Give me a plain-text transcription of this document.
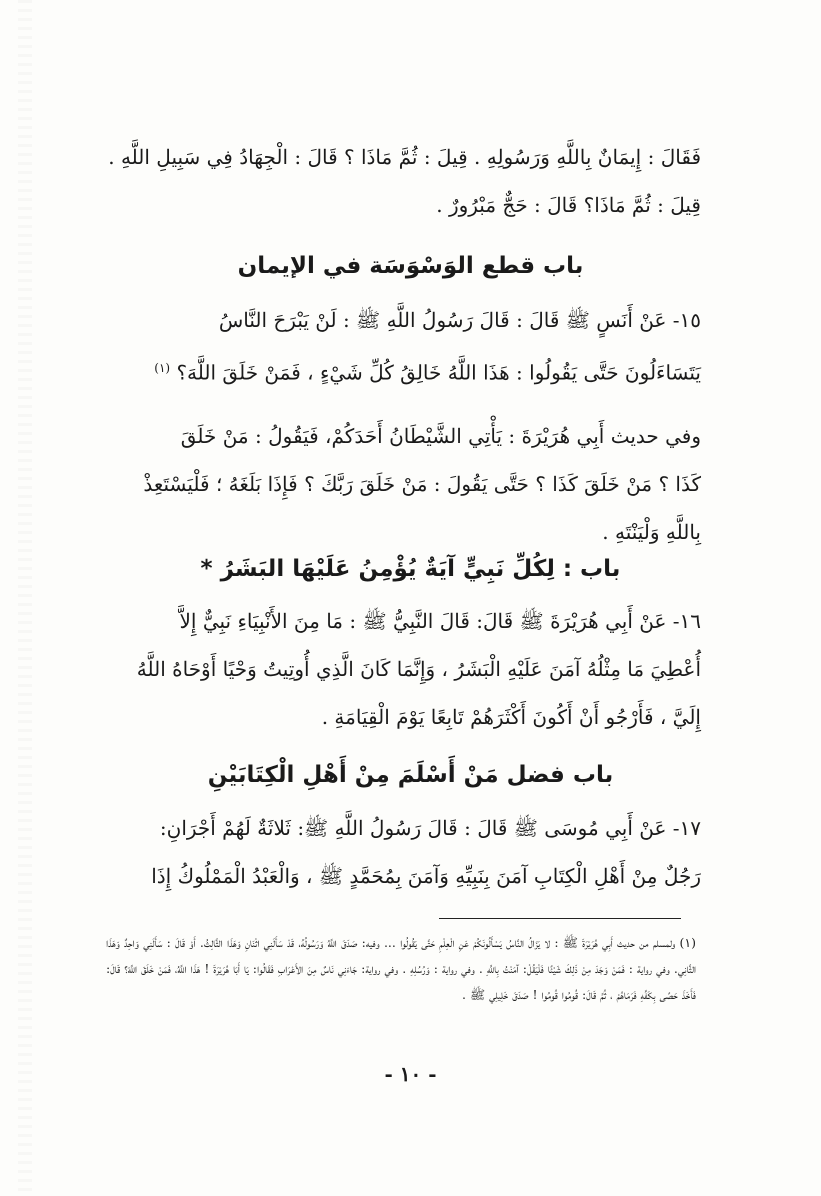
فَقَالَ : إِيمَانٌ بِاللَّهِ وَرَسُولِهِ . قِيلَ : ثُمَّ مَاذَا ؟ قَالَ : الْجِهَادُ فِي سَبِيلِ اللَّهِ .
قِيلَ : ثُمَّ مَاذَا؟ قَالَ : حَجٌّ مَبْرُورٌ .
باب قطع الوَسْوَسَة في الإيمان
١٥- عَنْ أَنَسٍ ﷺ قَالَ : قَالَ رَسُولُ اللَّهِ ﷺ : لَنْ يَبْرَحَ النَّاسُ
يَتَسَاءَلُونَ حَتَّى يَقُولُوا : هَذَا اللَّهُ خَالِقُ كُلِّ شَيْءٍ ، فَمَنْ خَلَقَ اللَّهَ؟ $^{(١)}$
وفي حديث أَبِي هُرَيْرَةَ : يَأْتِي الشَّيْطَانُ أَحَدَكُمْ، فَيَقُولُ : مَنْ خَلَقَ
كَذَا ؟ مَنْ خَلَقَ كَذَا ؟ حَتَّى يَقُولَ : مَنْ خَلَقَ رَبَّكَ ؟ فَإِذَا بَلَغَهُ ؛ فَلْيَسْتَعِذْ
بِاللَّهِ وَلْيَنْتَهِ .
باب : لِكُلِّ نَبِيٍّ آيَةٌ يُؤْمِنُ عَلَيْهَا البَشَرُ *
١٦- عَنْ أَبِي هُرَيْرَةَ ﷺ قَالَ: قَالَ النَّبِيُّ ﷺ : مَا مِنَ الأَنْبِيَاءِ نَبِيٌّ إِلاَّ
أُعْطِيَ مَا مِثْلُهُ آمَنَ عَلَيْهِ الْبَشَرُ ، وَإِنَّمَا كَانَ الَّذِي أُوتِيتُ وَحْيًا أَوْحَاهُ اللَّهُ
إِلَيَّ ، فَأَرْجُو أَنْ أَكُونَ أَكْثَرَهُمْ تَابِعًا يَوْمَ الْقِيَامَةِ .
باب فضل مَنْ أَسْلَمَ مِنْ أَهْلِ الْكِتَابَيْنِ
١٧- عَنْ أَبِي مُوسَى ﷺ قَالَ : قَالَ رَسُولُ اللَّهِ ﷺ: ثَلاثَةٌ لَهُمْ أَجْرَانِ:
رَجُلٌ مِنْ أَهْلِ الْكِتَابِ آمَنَ بِنَبِيِّهِ وَآمَنَ بِمُحَمَّدٍ ﷺ ، وَالْعَبْدُ الْمَمْلُوكُ إِذَا
(١) ولمسلم من حديث أَبِي هُرَيْرَةَ ﷺ : لا يَزَالُ النَّاسُ يَسْأَلُونَكُمْ عَنِ الْعِلْمِ حَتَّى يَقُولُوا ... وفيه: صَدَقَ اللَّهُ وَرَسُولُهُ، قَدْ سَأَلَنِي اثْنَانِ وَهَذَا الثَّالِثُ. أَوْ قَالَ : سَأَلَنِي وَاحِدٌ وَهَذَا الثَّانِي. وفي رواية : فَمَنْ وَجَدَ مِنْ ذَلِكَ شَيْئًا فَلْيَقُلْ: آمَنْتُ بِاللَّهِ . وفي رواية : وَرُسُلِهِ . وفي رواية: جَاءَنِي نَاسٌ مِنَ الأَعْرَابِ فَقَالُوا: يَا أَبَا هُرَيْرَةَ ! هَذَا اللَّهُ، فَمَنْ خَلَقَ اللَّهَ؟ قَالَ: فَأَخَذَ حَصًى بِكَفِّهِ فَرَمَاهُمْ ، ثُمَّ قَالَ: قُومُوا قُومُوا ! صَدَقَ خَلِيلِي ﷺ .
- ١٠ -
